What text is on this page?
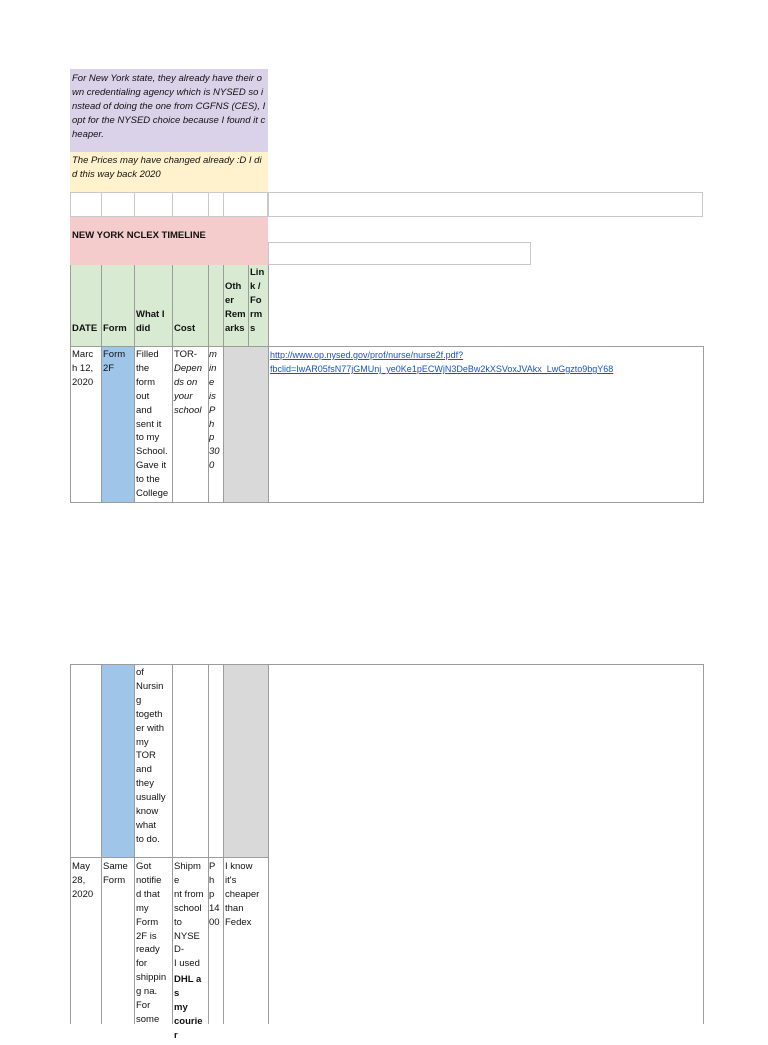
For New York state, they already have their own credentialing agency which is NYSED so instead of doing the one from CGFNS (CES), I opt for the NYSED choice because I found it cheaper.
The Prices may have changed already :D I did this way back 2020
NEW YORK NCLEX TIMELINE
DATE Form
What I
did	Cost
Oth
er
Rem
arks
Lin
k /
Fo
rm
s
Marc
h 12,
2020
Form
2F
Filled
the
form
out
and
sent it
to my
School.
Gave it
to the
College
TOR-
Depen
ds on
your
school
m
in
e
is
P
h
p
30
0
http://www.op.nysed.gov/prof/nurse/nurse2f.pdf?
fbclid=IwAR05fsN77jGMUnj_ye0Ke1pECWjN3DeBw2kXSVoxJVAkx_LwGgzto9bgY68
of
Nursin
g
togeth
er with
my
TOR
and
they
usually
know
what
to do.
May
28,
2020
Same
Form
Got
notifie
d that
my
Form
2F is
ready
for
shippin
g na.
For
some
Shipme
nt from
school
to
NYSED-
I used
DHL as
my
courier
P
h
p
14
00
I know
it's
cheaper
than
Fedex
